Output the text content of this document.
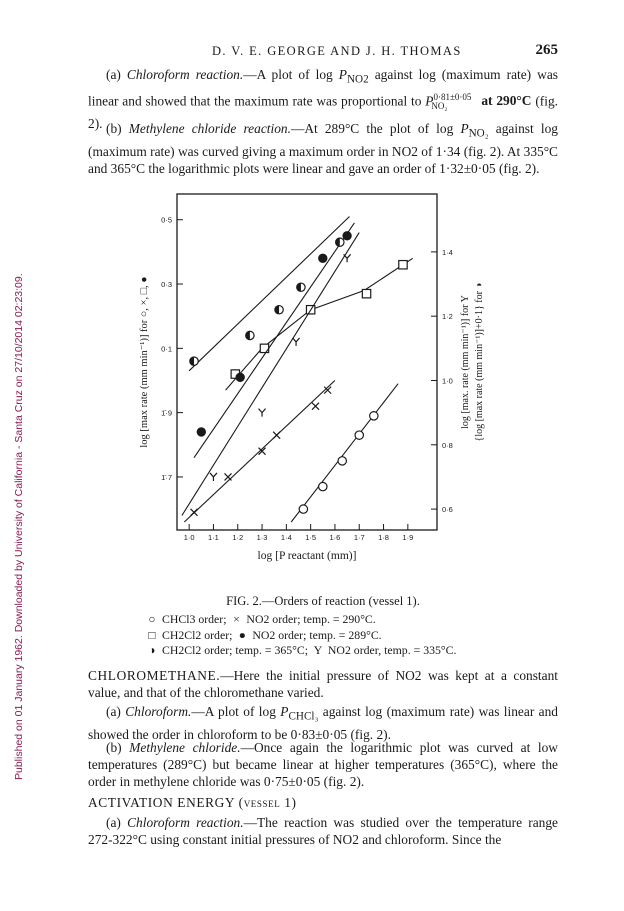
Published on 01 January 1962. Downloaded by University of California - Santa Cruz on 27/10/2014 02:23:09.
D. V. E. GEORGE AND J. H. THOMAS	265

(a) Chloroform reaction.—A plot of $\log P_{NO2}$ against log (maximum rate) was linear and showed that the maximum rate was proportional to $P^{0\cdot 81\pm 0\cdot 05}_{NO_2}$ at 290°C (fig. 2). (b) Methylene chloride reaction.—At 289°C the plot of $\log P_{NO_2}$ against log (maximum rate) was curved giving a maximum order in NO2 of 1·34 (fig. 2). At 335°C and 365°C the logarithmic plots were linear and gave an order of 1·32±0·05 (fig. 2).

1·0 1·1 1·2 1·3 1·4 1·5 1·6 1·7 1·8 1·9
0·5
0·3
0·1
1̄·9
1̄·7
1·4
1·2
1·0
0·8
0·6
log [P reactant (mm)]
log [max rate (mm min⁻¹)] for ○, ×, □, ●	log [max. rate (mm min⁻¹)] for Y {log [max rate (mm min⁻¹)]+0·1} for ◑
FIG. 2.—Orders of reaction (vessel 1).
○ CHCl3 order; × NO2 order; temp. = 290°C.
□ CH2Cl2 order; ● NO2 order; temp. = 289°C.
◑ CH2Cl2 order; temp. = 365°C; Y NO2 order, temp. = 335°C.

CHLOROMETHANE.—Here the initial pressure of NO2 was kept at a constant value, and that of the chloromethane varied.

(a) Chloroform.—A plot of $\log P_{CHCl_3}$ against log (maximum rate) was linear and showed the order in chloroform to be 0·83±0·05 (fig. 2).

(b) Methylene chloride.—Once again the logarithmic plot was curved at low temperatures (289°C) but became linear at higher temperatures (365°C), where the order in methylene chloride was 0·75±0·05 (fig. 2).

ACTIVATION ENERGY (vessel 1)

(a) Chloroform reaction.—The reaction was studied over the temperature range 272-322°C using constant initial pressures of NO2 and chloroform. Since the
